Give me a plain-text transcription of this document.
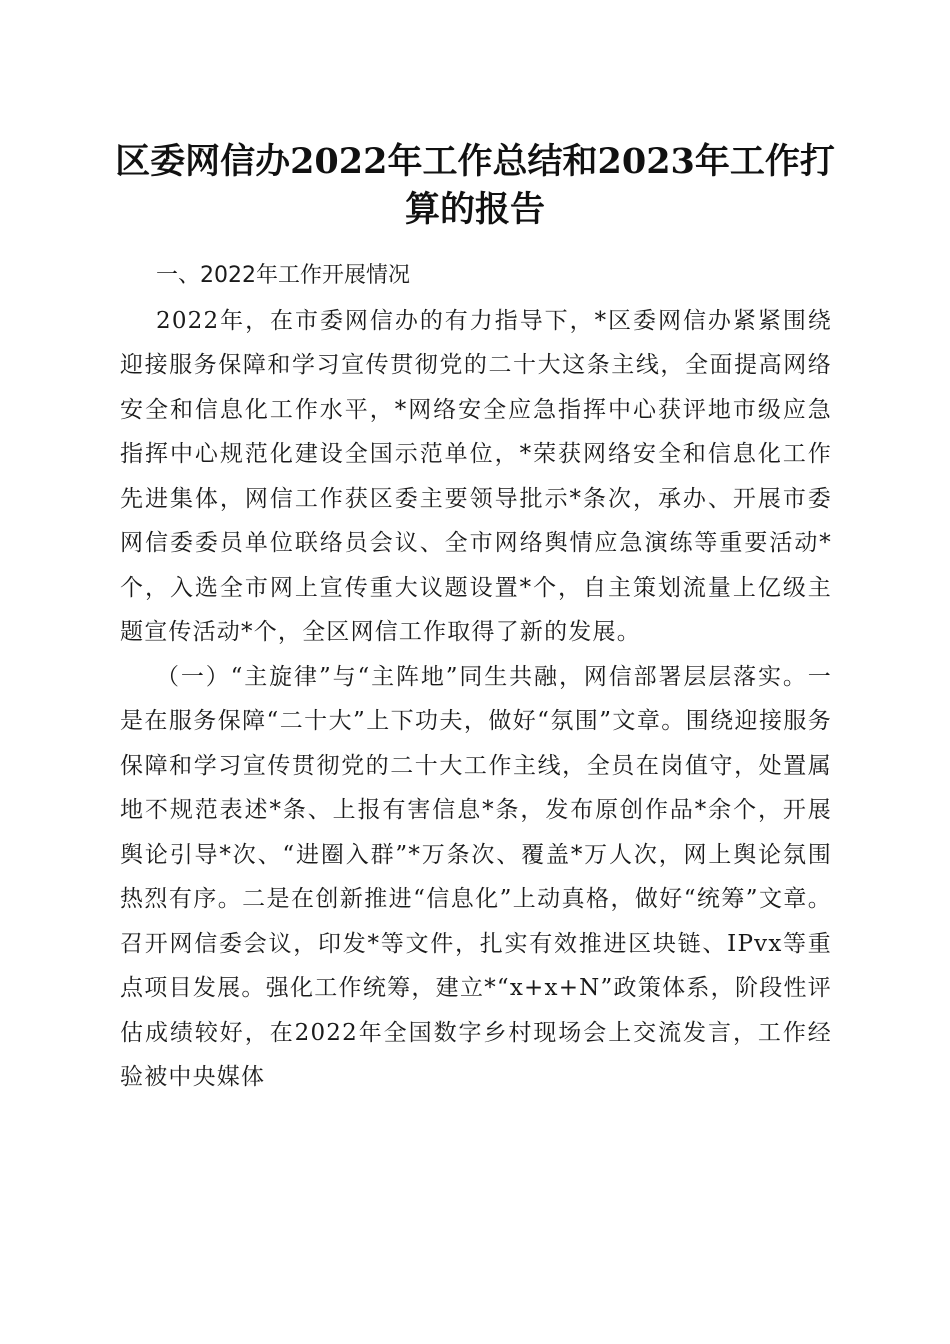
区委网信办2022年工作总结和2023年工作打
算的报告

一、2022年工作开展情况

2022年，在市委网信办的有力指导下，*区委网信办紧紧围绕迎接服务保障和学习宣传贯彻党的二十大这条主线，全面提高网络安全和信息化工作水平，*网络安全应急指挥中心获评地市级应急指挥中心规范化建设全国示范单位，*荣获网络安全和信息化工作先进集体，网信工作获区委主要领导批示*条次，承办、开展市委网信委委员单位联络员会议、全市网络舆情应急演练等重要活动*个，入选全市网上宣传重大议题设置*个，自主策划流量上亿级主题宣传活动*个，全区网信工作取得了新的发展。

（一）“主旋律”与“主阵地”同生共融，网信部署层层落实。一是在服务保障“二十大”上下功夫，做好“氛围”文章。围绕迎接服务保障和学习宣传贯彻党的二十大工作主线，全员在岗值守，处置属地不规范表述*条、上报有害信息*条，发布原创作品*余个，开展舆论引导*次、“进圈入群”*万条次、覆盖*万人次，网上舆论氛围热烈有序。二是在创新推进“信息化”上动真格，做好“统筹”文章。召开网信委会议，印发*等文件，扎实有效推进区块链、IPvx等重点项目发展。强化工作统筹，建立*“x+x+N”政策体系，阶段性评估成绩较好，在2022年全国数字乡村现场会上交流发言，工作经验被中央媒体
